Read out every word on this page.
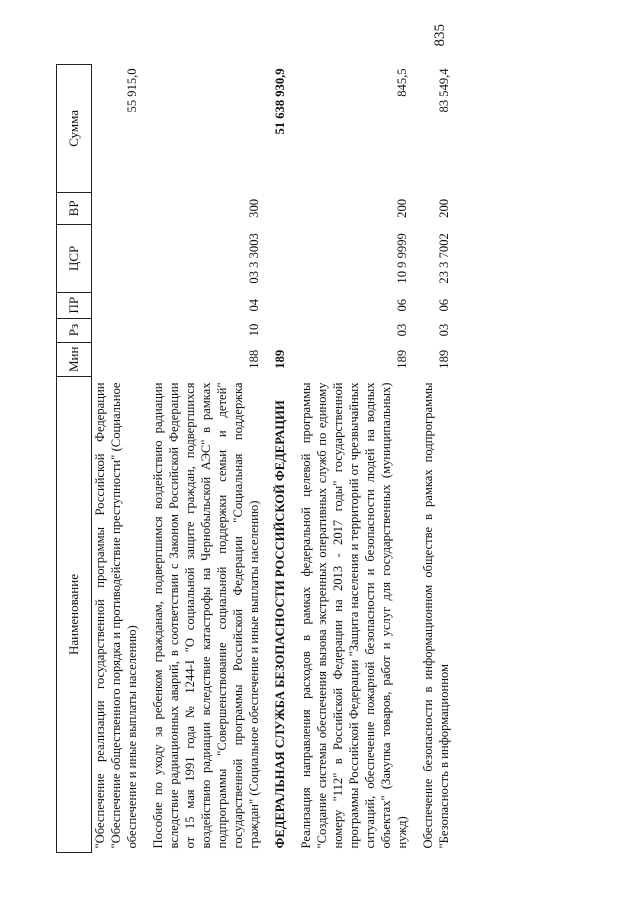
Наименование	Мин	Рз	ПР	ЦСР	ВР	Сумма
"Обеспечение реализации государственной программы Российской Федерации "Обеспечение общественного порядка и противодействие преступности" (Социальное обеспечение и иные выплаты населению)						55 915,0
Пособие по уходу за ребенком гражданам, подвергшимся воздействию радиации вследствие радиационных аварий, в соответствии с Законом Российской Федерации от 15 мая 1991 года № 1244-I "О социальной защите граждан, подвергшихся воздействию радиации вследствие катастрофы на Чернобыльской АЭС" в рамках подпрограммы "Совершенствование социальной поддержки семьи и детей" государственной программы Российской Федерации "Социальная поддержка граждан" (Социальное обеспечение и иные выплаты населению)	188	10	04	03 3 3003	300	
ФЕДЕРАЛЬНАЯ СЛУЖБА БЕЗОПАСНОСТИ РОССИЙСКОЙ ФЕДЕРАЦИИ	189					51 638 930,9
Реализация направления расходов в рамках федеральной целевой программы "Создание системы обеспечения вызова экстренных оперативных служб по единому номеру "112" в Российской Федерации на 2013 - 2017 годы" государственной программы Российской Федерации "Защита населения и территорий от чрезвычайных ситуаций, обеспечение пожарной безопасности и безопасности людей на водных объектах" (Закупка товаров, работ и услуг для государственных (муниципальных) нужд)	189	03	06	10 9 9999	200	845,5
Обеспечение безопасности в информационном обществе в рамках подпрограммы "Безопасность в информационном	189	03	06	23 3 7002	200	83 549,4
835
